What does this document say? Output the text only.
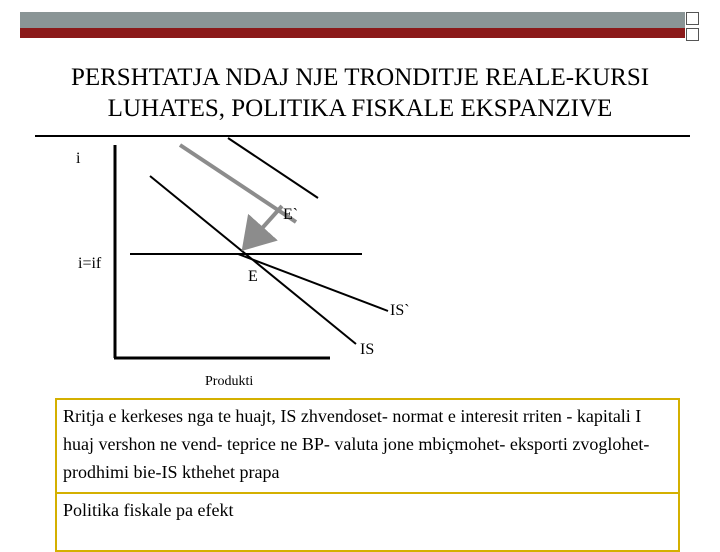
PERSHTATJA NDAJ NJE TRONDITJE REALE-KURSI
LUHATES, POLITIKA FISKALE EKSPANZIVE
i
i=if
E`
E
IS`
IS
Produkti
Rritja e kerkeses nga te huajt, IS zhvendoset- normat e interesit rriten - kapitali I huaj vershon ne vend- teprice ne BP- valuta jone mbiçmohet- eksporti zvoglohet- prodhimi bie-IS kthehet prapa
Politika fiskale pa efekt
